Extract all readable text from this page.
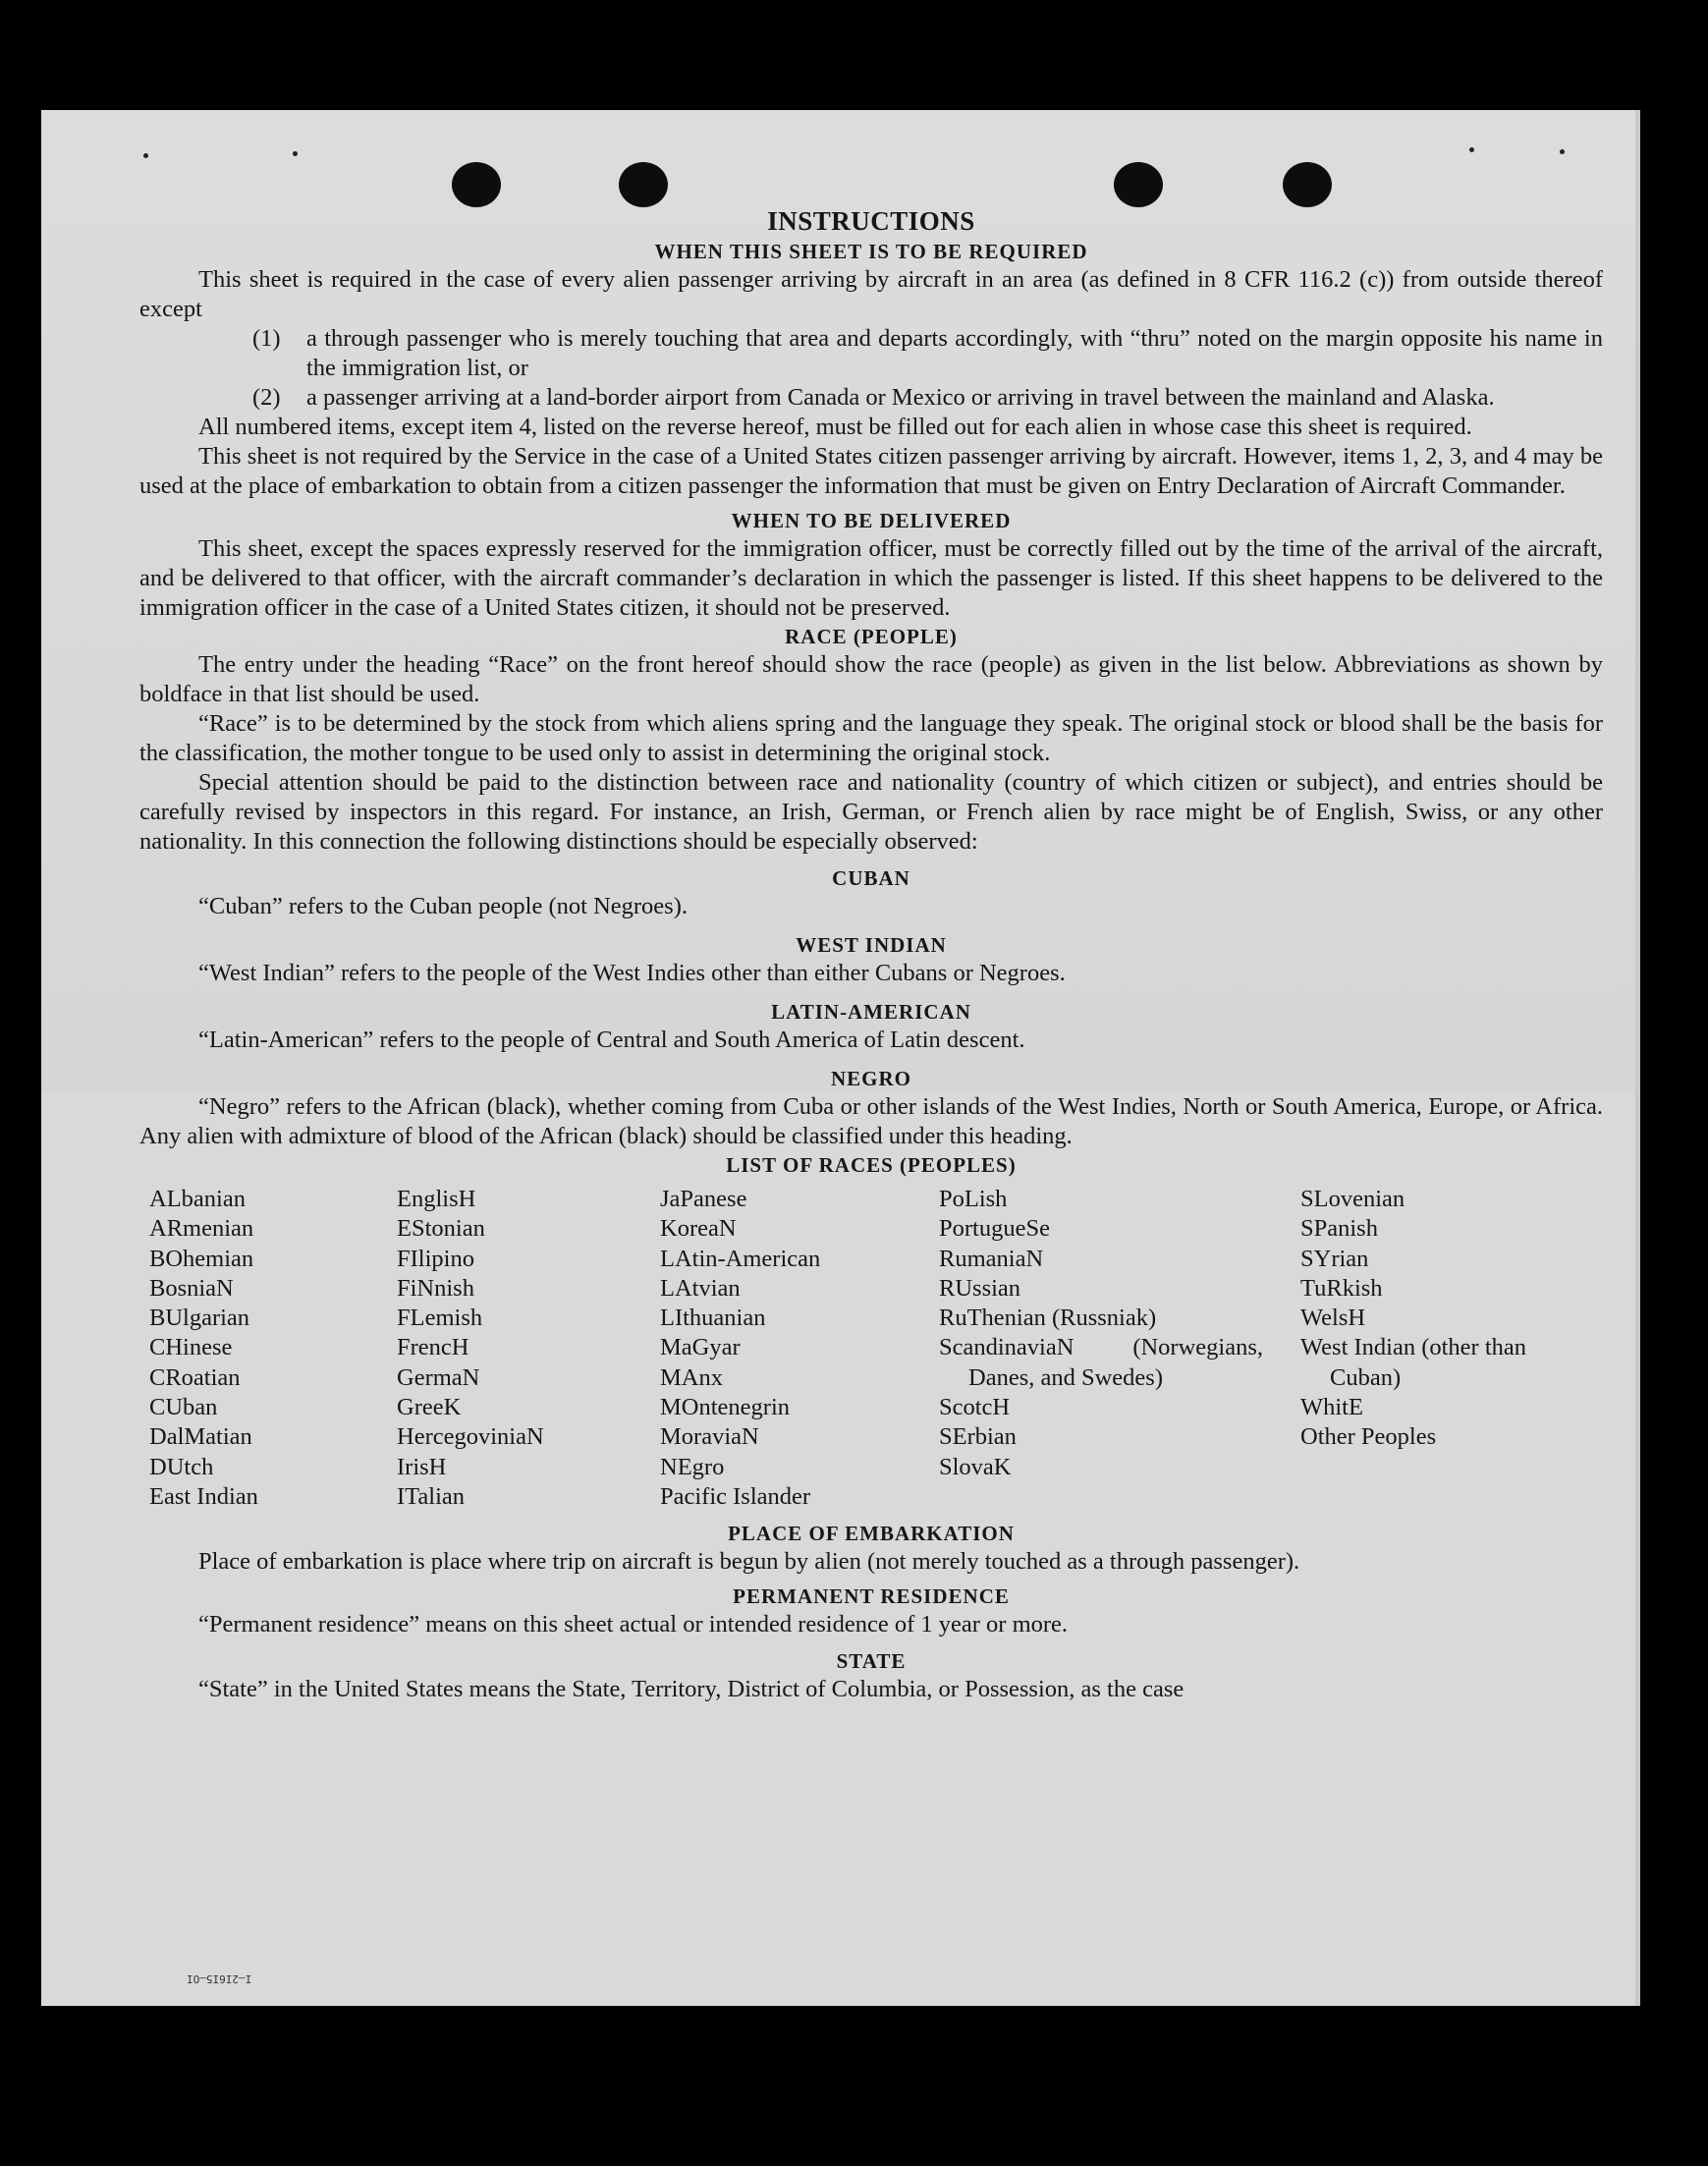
INSTRUCTIONS
WHEN THIS SHEET IS TO BE REQUIRED

This sheet is required in the case of every alien passenger arriving by aircraft in an area (as defined in 8 CFR 116.2 (c)) from outside thereof except

(1)	a through passenger who is merely touching that area and departs accordingly, with “thru” noted on the margin opposite his name in the immigration list, or
(2)	a passenger arriving at a land-border airport from Canada or Mexico or arriving in travel between the mainland and Alaska.

All numbered items, except item 4, listed on the reverse hereof, must be filled out for each alien in whose case this sheet is required.

This sheet is not required by the Service in the case of a United States citizen passenger arriving by aircraft. However, items 1, 2, 3, and 4 may be used at the place of embarkation to obtain from a citizen passenger the information that must be given on Entry Declaration of Aircraft Commander.

WHEN TO BE DELIVERED

This sheet, except the spaces expressly reserved for the immigration officer, must be correctly filled out by the time of the arrival of the aircraft, and be delivered to that officer, with the aircraft commander’s declaration in which the passenger is listed. If this sheet happens to be delivered to the immigration officer in the case of a United States citizen, it should not be preserved.

RACE (PEOPLE)

The entry under the heading “Race” on the front hereof should show the race (people) as given in the list below. Abbreviations as shown by boldface in that list should be used.

“Race” is to be determined by the stock from which aliens spring and the language they speak. The original stock or blood shall be the basis for the classification, the mother tongue to be used only to assist in determining the original stock.

Special attention should be paid to the distinction between race and nationality (country of which citizen or subject), and entries should be carefully revised by inspectors in this regard. For instance, an Irish, German, or French alien by race might be of English, Swiss, or any other nationality. In this connection the following distinctions should be especially observed:

CUBAN

“Cuban” refers to the Cuban people (not Negroes).

WEST INDIAN

“West Indian” refers to the people of the West Indies other than either Cubans or Negroes.

LATIN-AMERICAN

“Latin-American” refers to the people of Central and South America of Latin descent.

NEGRO

“Negro” refers to the African (black), whether coming from Cuba or other islands of the West Indies, North or South America, Europe, or Africa. Any alien with admixture of blood of the African (black) should be classified under this heading.

LIST OF RACES (PEOPLES)
ALbanian
ARmenian
BOhemian
BosniaN
BUlgarian
CHinese
CRoatian
CUban
DalMatian
DUtch
East Indian
EnglisH
EStonian
FIlipino
FiNnish
FLemish
FrencH
GermaN
GreeK
HercegoviniaN
IrisH
ITalian
JaPanese
KoreaN
LAtin-American
LAtvian
LIthuanian
MaGyar
MAnx
MOntenegrin
MoraviaN
NEgro
Pacific Islander
PoLish
PortugueSe
RumaniaN
RUssian
RuThenian (Russniak)
ScandinaviaN (Norwegians, Danes, and Swedes)
ScotcH
SErbian
SlovaK
SLovenian
SPanish
SYrian
TuRkish
WelsH
West Indian (other than Cuban)
WhitE
Other Peoples
PLACE OF EMBARKATION

Place of embarkation is place where trip on aircraft is begun by alien (not merely touched as a through passenger).

PERMANENT RESIDENCE

“Permanent residence” means on this sheet actual or intended residence of 1 year or more.

STATE

“State” in the United States means the State, Territory, District of Columbia, or Possession, as the case

I—2I6I5—OI
